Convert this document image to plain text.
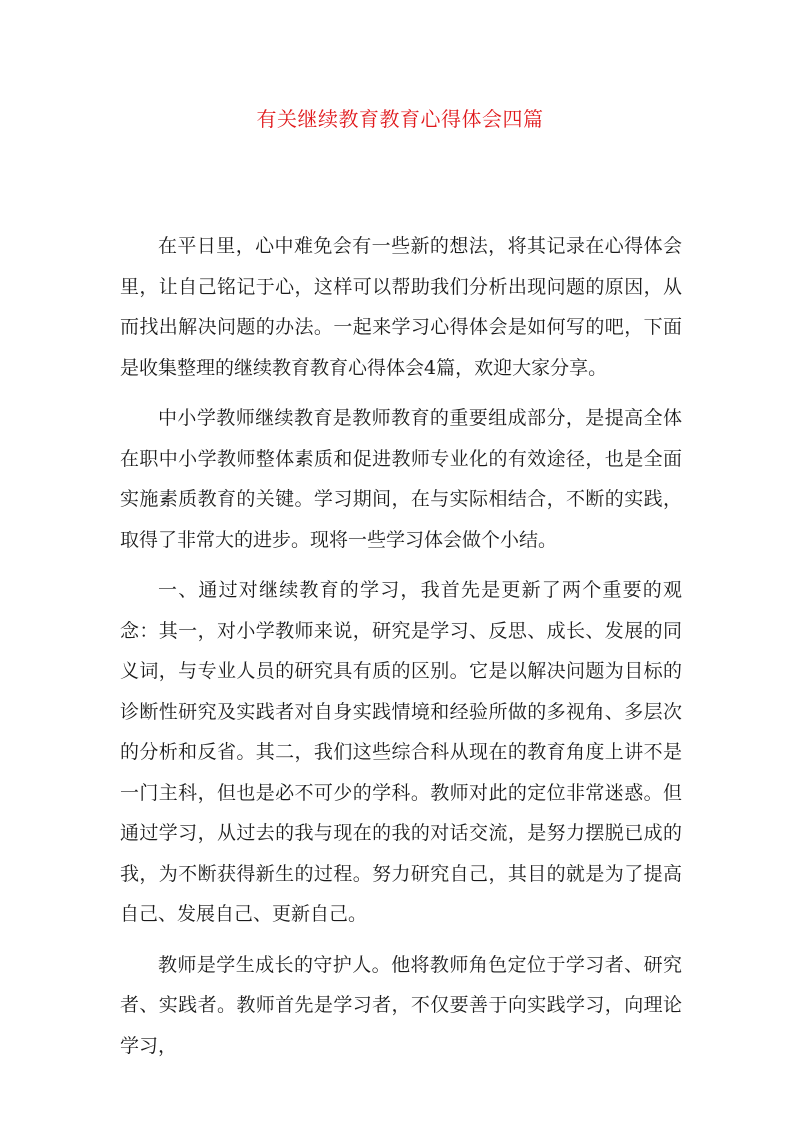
有关继续教育教育心得体会四篇

在平日里，心中难免会有一些新的想法，将其记录在心得体会里，让自己铭记于心，这样可以帮助我们分析出现问题的原因，从而找出解决问题的办法。一起来学习心得体会是如何写的吧，下面是收集整理的继续教育教育心得体会4篇，欢迎大家分享。

中小学教师继续教育是教师教育的重要组成部分，是提高全体在职中小学教师整体素质和促进教师专业化的有效途径，也是全面实施素质教育的关键。学习期间，在与实际相结合，不断的实践，取得了非常大的进步。现将一些学习体会做个小结。

一、通过对继续教育的学习，我首先是更新了两个重要的观念：其一，对小学教师来说，研究是学习、反思、成长、发展的同义词，与专业人员的研究具有质的区别。它是以解决问题为目标的诊断性研究及实践者对自身实践情境和经验所做的多视角、多层次的分析和反省。其二，我们这些综合科从现在的教育角度上讲不是一门主科，但也是必不可少的学科。教师对此的定位非常迷惑。但通过学习，从过去的我与现在的我的对话交流，是努力摆脱已成的我，为不断获得新生的过程。努力研究自己，其目的就是为了提高自己、发展自己、更新自己。

教师是学生成长的守护人。他将教师角色定位于学习者、研究者、实践者。教师首先是学习者，不仅要善于向实践学习，向理论学习，
